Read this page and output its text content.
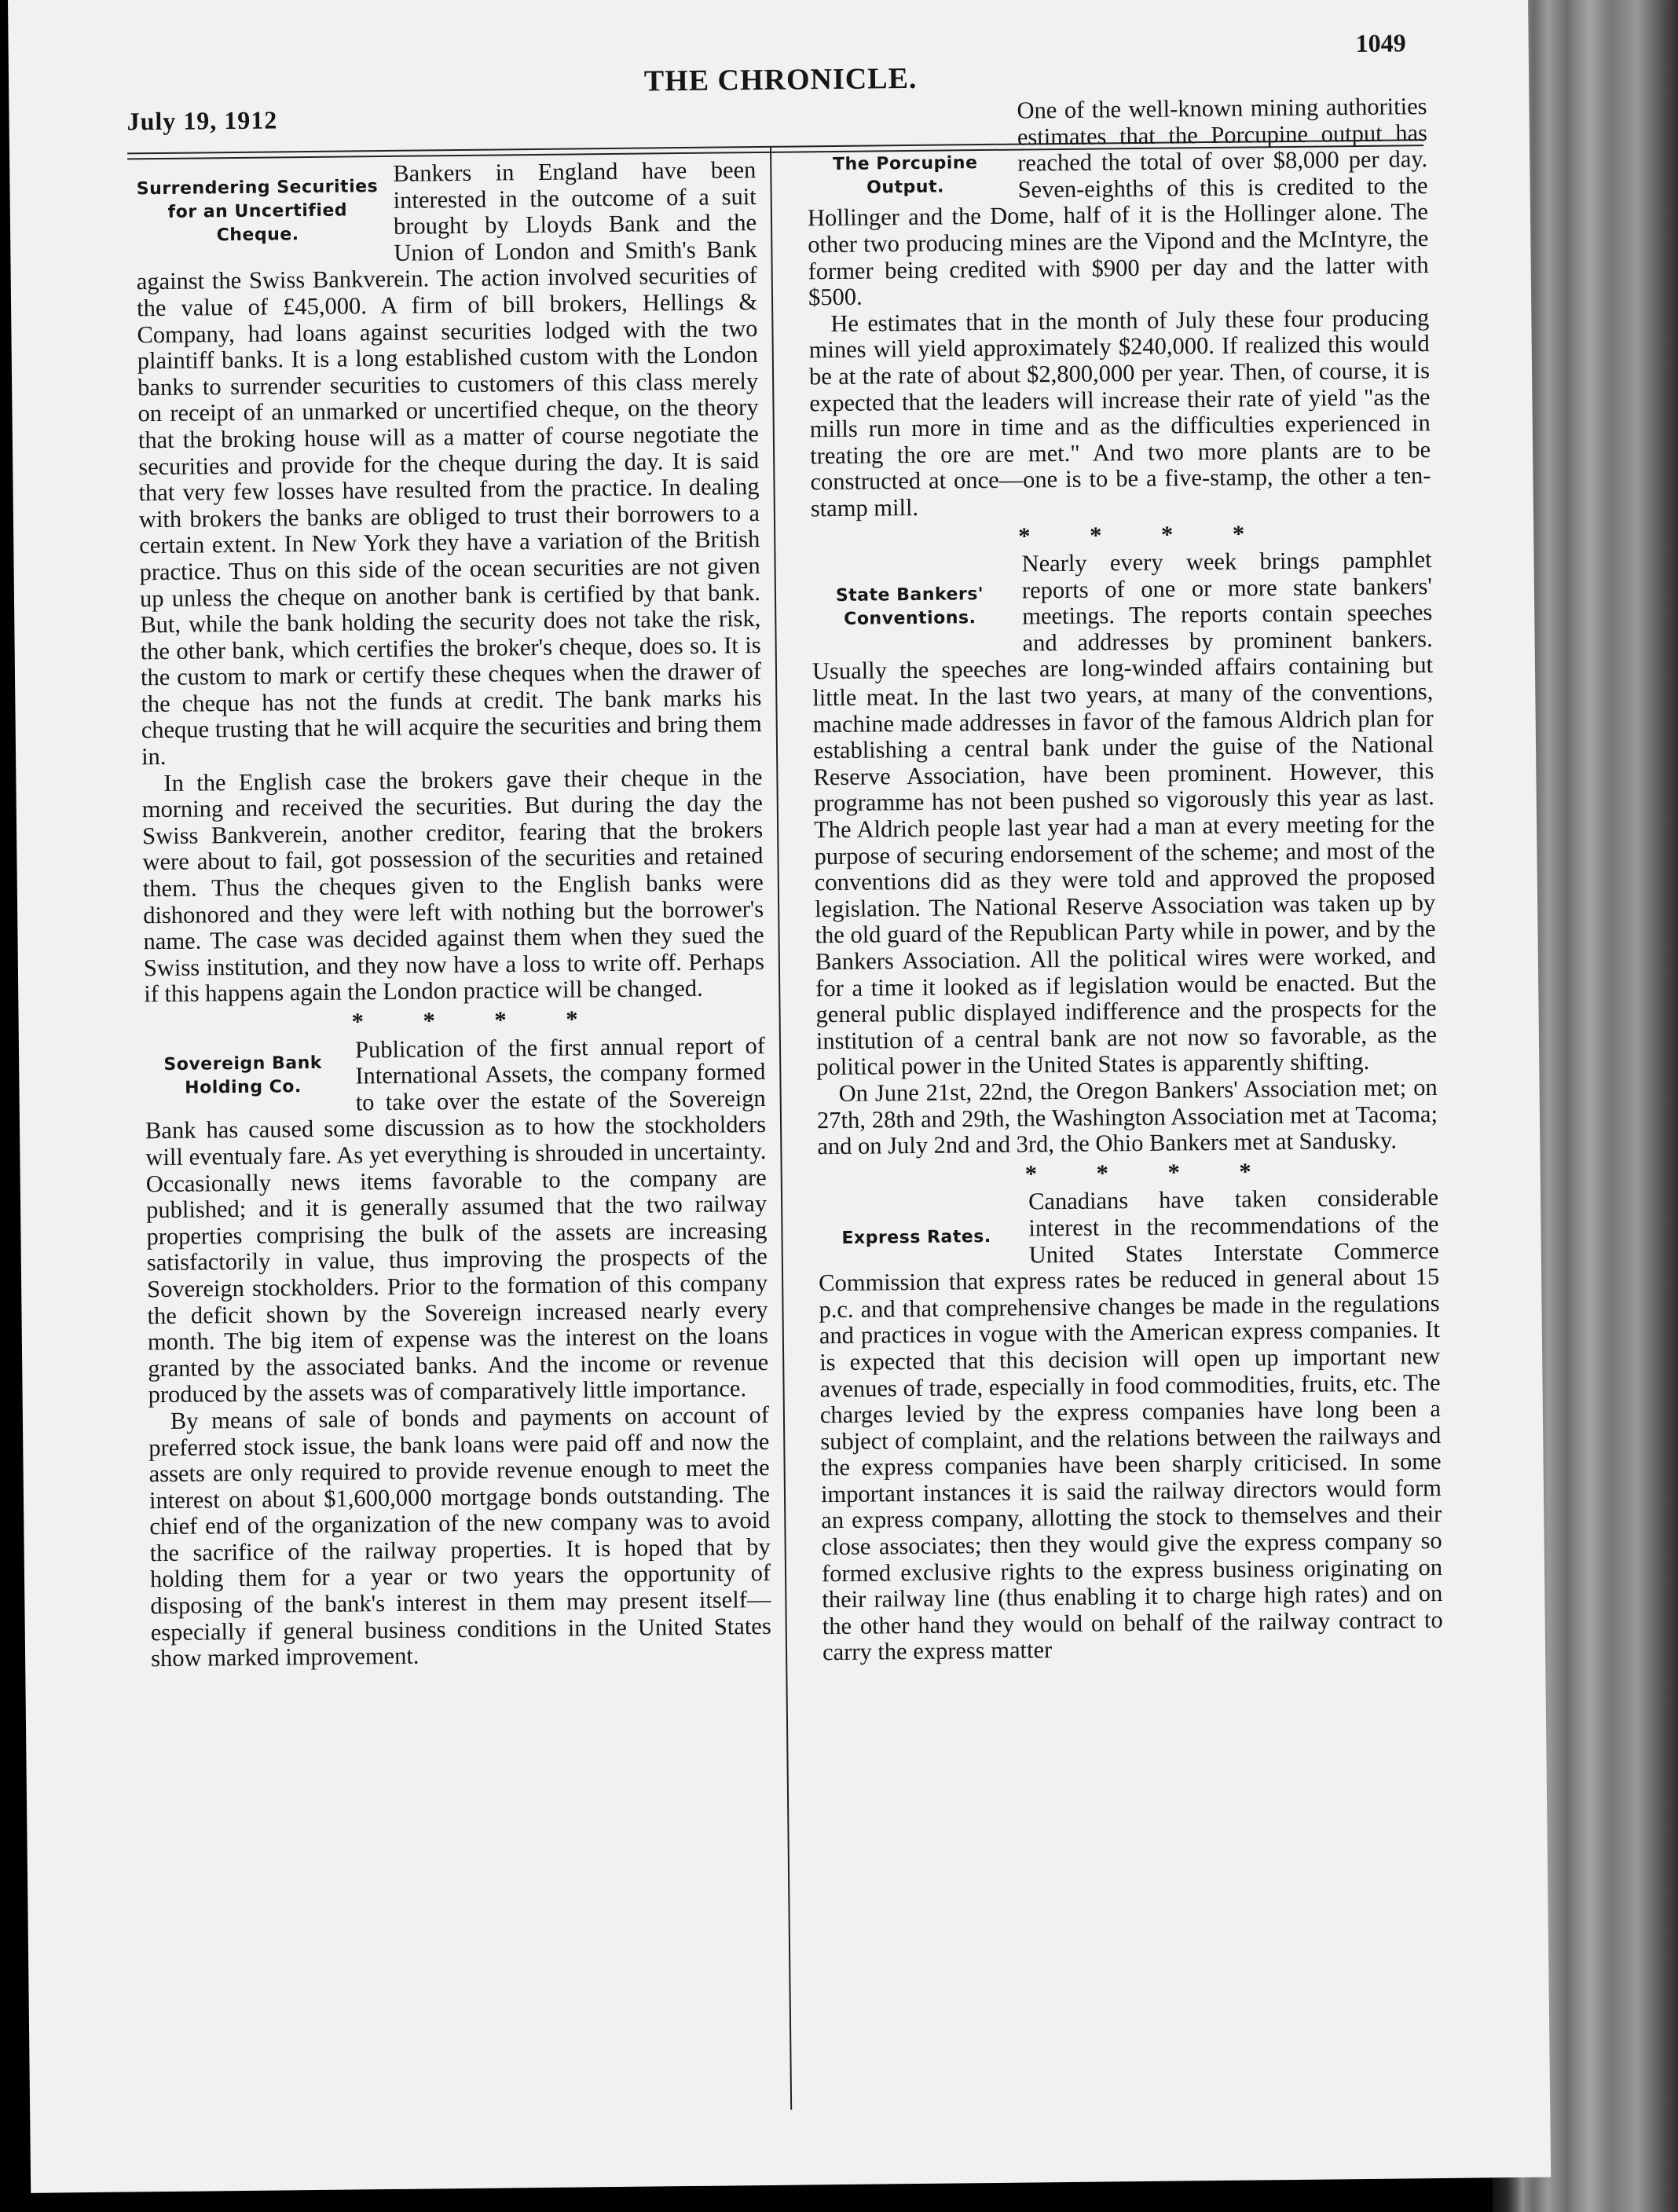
1049
THE CHRONICLE.
July 19, 1912
Surrendering Securities
for an Uncertified
Cheque.

Bankers in England have been interested in the outcome of a suit brought by Lloyds Bank and the Union of London and Smith's Bank against the Swiss Bankverein. The action involved securities of the value of £45,000. A firm of bill brokers, Hellings & Company, had loans against securities lodged with the two plaintiff banks. It is a long established custom with the London banks to surrender securities to customers of this class merely on receipt of an unmarked or uncertified cheque, on the theory that the broking house will as a matter of course negotiate the securities and provide for the cheque during the day. It is said that very few losses have resulted from the practice. In dealing with brokers the banks are obliged to trust their borrowers to a certain extent. In New York they have a variation of the British practice. Thus on this side of the ocean securities are not given up unless the cheque on another bank is certified by that bank. But, while the bank holding the security does not take the risk, the other bank, which certifies the broker's cheque, does so. It is the custom to mark or certify these cheques when the drawer of the cheque has not the funds at credit. The bank marks his cheque trusting that he will acquire the securities and bring them in.

In the English case the brokers gave their cheque in the morning and received the securities. But during the day the Swiss Bankverein, another creditor, fearing that the brokers were about to fail, got possession of the securities and retained them. Thus the cheques given to the English banks were dishonored and they were left with nothing but the borrower's name. The case was decided against them when they sued the Swiss institution, and they now have a loss to write off. Perhaps if this happens again the London practice will be changed.

* * * *
Sovereign Bank
Holding Co.

Publication of the first annual report of International Assets, the company formed to take over the estate of the Sovereign Bank has caused some discussion as to how the stockholders will eventualy fare. As yet everything is shrouded in uncertainty. Occasionally news items favorable to the company are published; and it is generally assumed that the two railway properties comprising the bulk of the assets are increasing satisfactorily in value, thus improving the prospects of the Sovereign stockholders. Prior to the formation of this company the deficit shown by the Sovereign increased nearly every month. The big item of expense was the interest on the loans granted by the associated banks. And the income or revenue produced by the assets was of comparatively little importance.

By means of sale of bonds and payments on account of preferred stock issue, the bank loans were paid off and now the assets are only required to provide revenue enough to meet the interest on about $1,600,000 mortgage bonds outstanding. The chief end of the organization of the new company was to avoid the sacrifice of the railway properties. It is hoped that by holding them for a year or two years the opportunity of disposing of the bank's interest in them may present itself—especially if general business conditions in the United States show marked improvement.

The Porcupine
Output.

One of the well-known mining authorities estimates that the Porcupine output has reached the total of over $8,000 per day. Seven-eighths of this is credited to the Hollinger and the Dome, half of it is the Hollinger alone. The other two producing mines are the Vipond and the McIntyre, the former being credited with $900 per day and the latter with $500.

He estimates that in the month of July these four producing mines will yield approximately $240,000. If realized this would be at the rate of about $2,800,000 per year. Then, of course, it is expected that the leaders will increase their rate of yield "as the mills run more in time and as the difficulties experienced in treating the ore are met." And two more plants are to be constructed at once—one is to be a five-stamp, the other a ten-stamp mill.

* * * *
State Bankers'
Conventions.

Nearly every week brings pamphlet reports of one or more state bankers' meetings. The reports contain speeches and addresses by prominent bankers. Usually the speeches are long-winded affairs containing but little meat. In the last two years, at many of the conventions, machine made addresses in favor of the famous Aldrich plan for establishing a central bank under the guise of the National Reserve Association, have been prominent. However, this programme has not been pushed so vigorously this year as last. The Aldrich people last year had a man at every meeting for the purpose of securing endorsement of the scheme; and most of the conventions did as they were told and approved the proposed legislation. The National Reserve Association was taken up by the old guard of the Republican Party while in power, and by the Bankers Association. All the political wires were worked, and for a time it looked as if legislation would be enacted. But the general public displayed indifference and the prospects for the institution of a central bank are not now so favorable, as the political power in the United States is apparently shifting.

On June 21st, 22nd, the Oregon Bankers' Association met; on 27th, 28th and 29th, the Washington Association met at Tacoma; and on July 2nd and 3rd, the Ohio Bankers met at Sandusky.

* * * *
Express Rates.

Canadians have taken considerable interest in the recommendations of the United States Interstate Commerce Commission that express rates be reduced in general about 15 p.c. and that comprehensive changes be made in the regulations and practices in vogue with the American express companies. It is expected that this decision will open up important new avenues of trade, especially in food commodities, fruits, etc. The charges levied by the express companies have long been a subject of complaint, and the relations between the railways and the express companies have been sharply criticised. In some important instances it is said the railway directors would form an express company, allotting the stock to themselves and their close associates; then they would give the express company so formed exclusive rights to the express business originating on their railway line (thus enabling it to charge high rates) and on the other hand they would on behalf of the railway contract to carry the express matter
